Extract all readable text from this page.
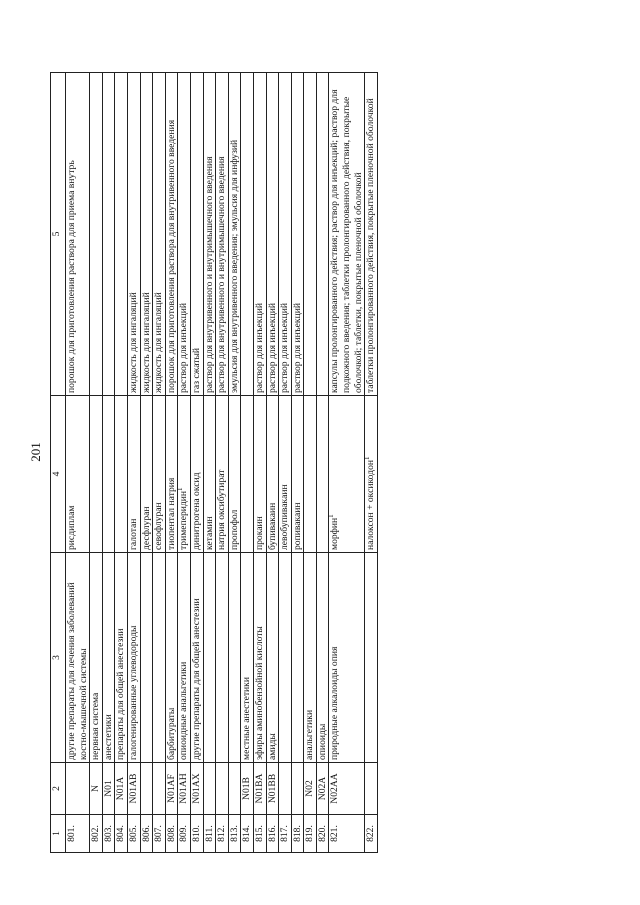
201
1	2	3	4	5
801.		другие препараты для лечения заболеваний костно-мышечной системы	рисдиплам	порошок для приготовления раствора для приема внутрь
802.	N	нервная система		
803.	N01	анестетики		
804.	N01A	препараты для общей анестезии		
805.	N01AB	галогенированные углеводороды	галотан	жидкость для ингаляций
806.			десфлуран	жидкость для ингаляций
807.			севофлуран	жидкость для ингаляций
808.	N01AF	барбитураты	тиопентал натрия	порошок для приготовления раствора для внутривенного введения
809.	N01AH	опиоидные анальгетики	тримеперидин$^1$	раствор для инъекций
810.	N01AX	другие препараты для общей анестезии	динитрогена оксид	газ сжатый
811.			кетамин	раствор для внутривенного и внутримышечного введения
812.			натрия оксибутират	раствор для внутривенного и внутримышечного введения
813.			пропофол	эмульсия для внутривенного введения; эмульсия для инфузий
814.	N01B	местные анестетики		
815.	N01BA	эфиры аминобензойной кислоты	прокаин	раствор для инъекций
816.	N01BB	амиды	бупивакаин	раствор для инъекций
817.			левобупивакаин	раствор для инъекций
818.			ропивакаин	раствор для инъекций
819.	N02	анальгетики		
820.	N02A	опиоиды		
821.	N02AA	природные алкалоиды опия	морфин$^1$	капсулы пролонгированного действия; раствор для инъекций; раствор для подкожного введения; таблетки пролонгированного действия, покрытые оболочкой; таблетки, покрытые пленочной оболочкой
822.			налоксон + оксикодон$^1$	таблетки пролонгированного действия, покрытые пленочной оболочкой
